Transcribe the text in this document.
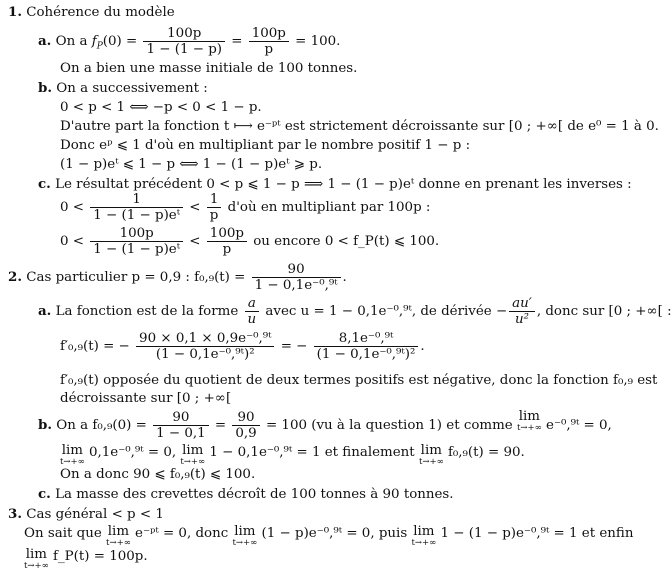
1. Cohérence du modèle
a. On a $f_P(0) = \frac{100p}{1 - (1 - p)} = \frac{100p}{p} = 100$.
On a bien une masse initiale de 100 tonnes.
b. On a successivement :
0 < p < 1 ⟺ −p < 0 < 1 − p.
D'autre part la fonction t ⟼ e⁻ᵖᵗ est strictement décroissante sur [0 ; +∞[ de e⁰ = 1 à 0.
Donc eᵖ ⩽ 1 d'où en multipliant par le nombre positif 1 − p :
(1 − p)eᵗ ⩽ 1 − p ⟺ 1 − (1 − p)eᵗ ⩾ p.
c. Le résultat précédent 0 < p ⩽ 1 − p ⟹ 1 − (1 − p)eᵗ donne en prenant les inverses :
$0 < \frac{1}{\text{1 − (1 − p)eᵗ}} < \frac{1}{p}$ d'où en multipliant par 100p :
$0 < \frac{100p}{\text{1 − (1 − p)eᵗ}} < \frac{100p}{p}$ ou encore 0 < f_P(t) ⩽ 100.
2. Cas particulier p = 0,9 : $f_0,_9(t) = \frac{90}{\text{1 − 0,1e⁻⁰,⁹ᵗ}}$ .
a. La fonction est de la forme $\frac{a}{u}$ avec u = 1 − 0,1e⁻⁰,⁹ᵗ, de dérivée − $\frac{au'}{\text{u²}}$ , donc sur [0 ; +∞[ :
f′₀,₉(t) = − $\frac{\text{90 × 0,1 × 0,9e⁻⁰,⁹ᵗ}}{\text{(1 − 0,1e⁻⁰,⁹ᵗ)²}}$ = − $\frac{\text{8,1e⁻⁰,⁹ᵗ}}{\text{(1 − 0,1e⁻⁰,⁹ᵗ)²}}$ .
f′₀,₉(t) opposée du quotient de deux termes positifs est négative, donc la fonction f₀,₉ est
décroissante sur [0 ; +∞[
b. On a $f_0,_9(0) = \frac{90}{1 - 0,1} = \frac{90}{0,9} = 100$ (vu à la question 1) et comme lim
t→+∞ e⁻⁰,⁹ᵗ = 0,
lim
t→+∞
0,1e⁻⁰,⁹ᵗ = 0, lim
t→+∞
1 − 0,1e⁻⁰,⁹ᵗ = 1 et finalement lim
t→+∞
f₀,₉(t) = 90.
On a donc 90 ⩽ f₀,₉(t) ⩽ 100.
c. La masse des crevettes décroît de 100 tonnes à 90 tonnes.
3. Cas général < p < 1
On sait que lim
t→+∞
e⁻ᵖᵗ = 0, donc lim
t→+∞
(1 − p)e⁻⁰,⁹ᵗ = 0, puis lim
t→+∞
1 − (1 − p)e⁻⁰,⁹ᵗ = 1 et enfin
lim
t→+∞
f_P(t) = 100p.
